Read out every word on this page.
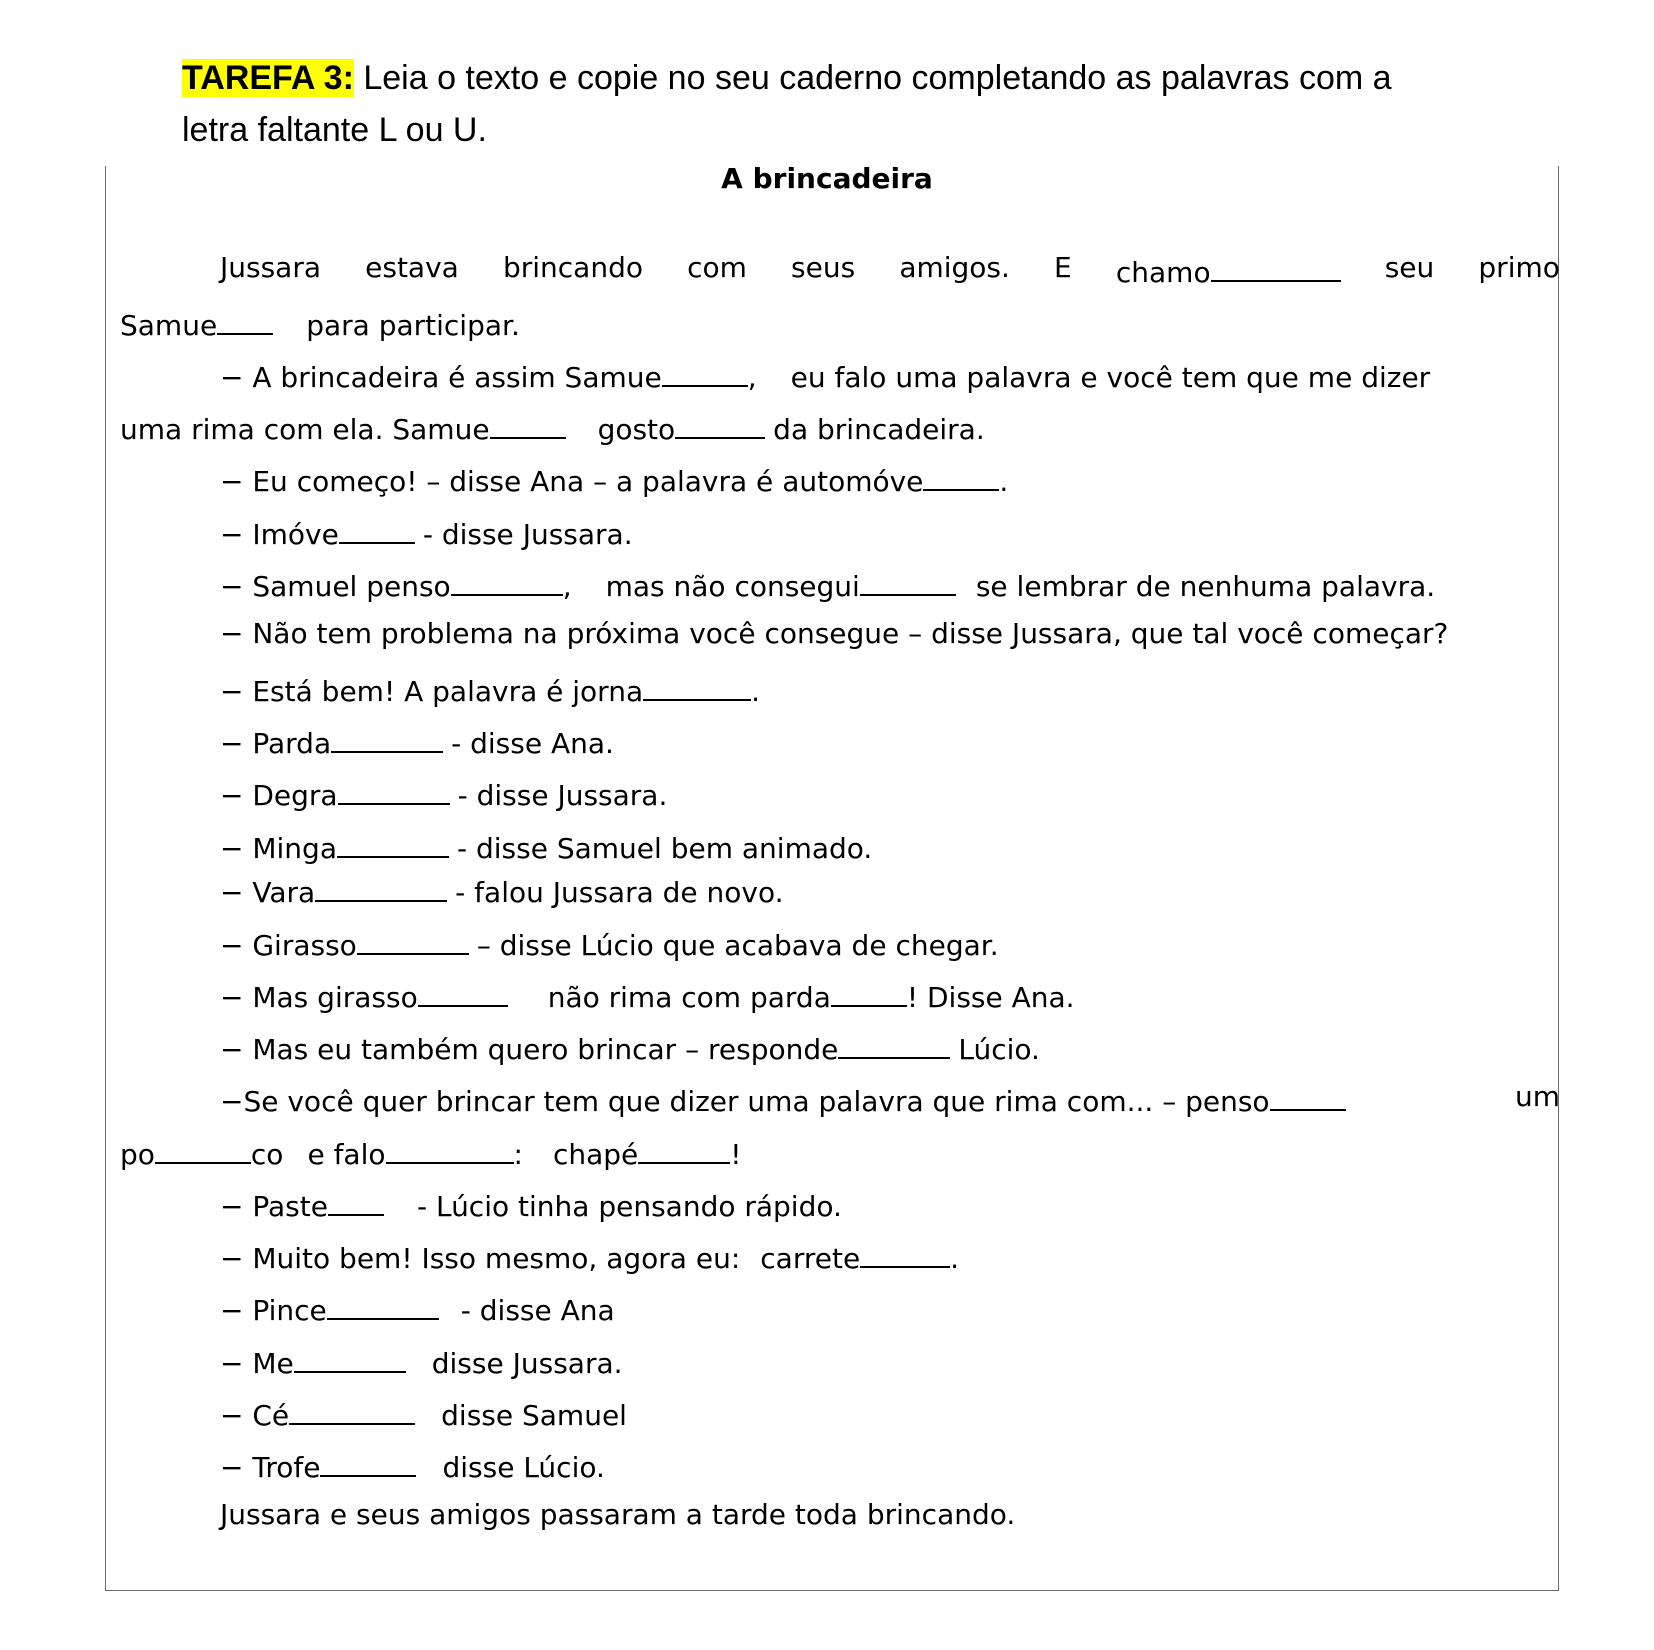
TAREFA 3: Leia o texto e copie no seu caderno completando as palavras com a
letra faltante L ou U.
A brincadeira
Jussara estava brincando com seus amigos. E chamo	seu primo
Samue	para participar.
− A brincadeira é assim Samue	, eu falo uma palavra e você tem que me dizer
uma rima com ela. Samue	gosto	da brincadeira.
− Eu começo! – disse Ana – a palavra é automóve	.
− Imóve	- disse Jussara.
− Samuel penso	, mas não consegui	se lembrar de nenhuma palavra.
− Não tem problema na próxima você consegue – disse Jussara, que tal você começar?
− Está bem! A palavra é jorna	.
− Parda	- disse Ana.
− Degra	- disse Jussara.
− Minga	- disse Samuel bem animado.
− Vara	- falou Jussara de novo.
− Girasso	– disse Lúcio que acabava de chegar.
− Mas girasso	não rima com parda	! Disse Ana.
− Mas eu também quero brincar – responde	Lúcio.
−Se você quer brincar tem que dizer uma palavra que rima com... – penso	um
po	co e falo	: chapé	!
− Paste	- Lúcio tinha pensando rápido.
− Muito bem! Isso mesmo, agora eu: carrete	.
− Pince	- disse Ana
− Me	disse Jussara.
− Cé	disse Samuel
− Trofe	disse Lúcio.
Jussara e seus amigos passaram a tarde toda brincando.
